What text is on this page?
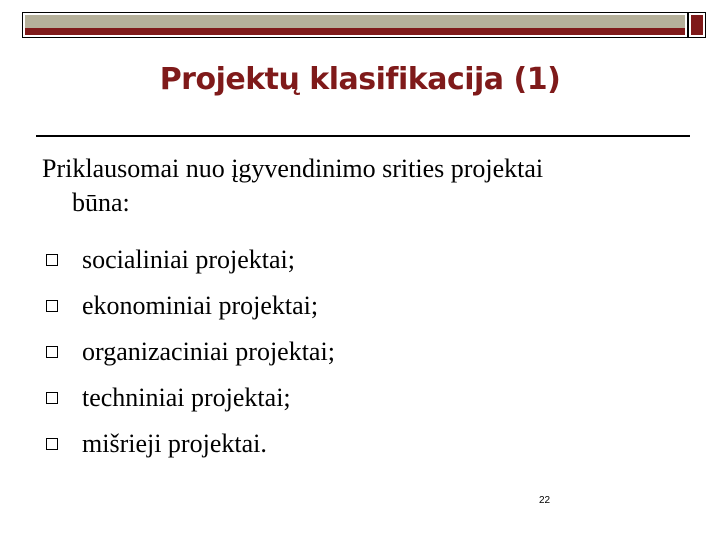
Projektų klasifikacija (1)
Priklausomai nuo įgyvendinimo srities projektai
būna:
socialiniai projektai;
ekonominiai projektai;
organizaciniai projektai;
techniniai projektai;
mišrieji projektai.
22
